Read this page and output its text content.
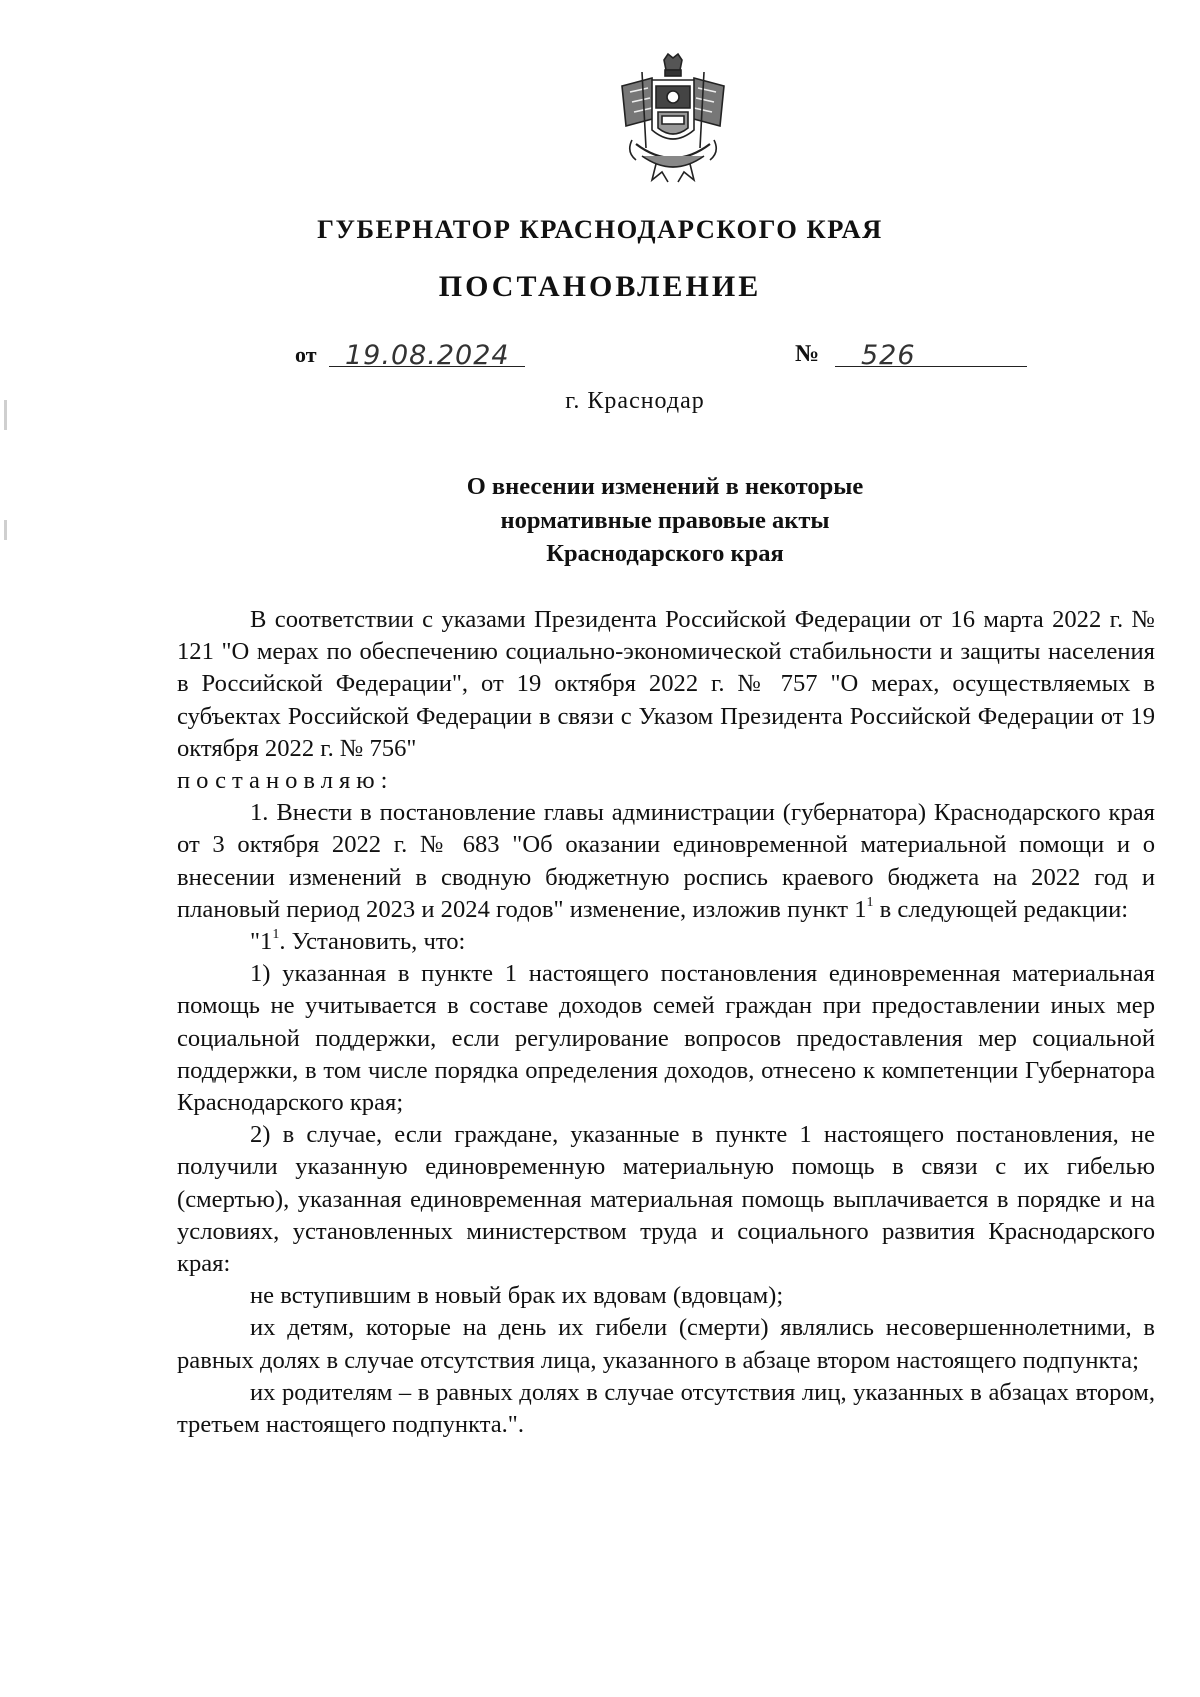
ГУБЕРНАТОР КРАСНОДАРСКОГО КРАЯ
ПОСТАНОВЛЕНИЕ
от 19.08.2024	№ 526
г. Краснодар
О внесении изменений в некоторые
нормативные правовые акты
Краснодарского края

В соответствии с указами Президента Российской Федерации от 16 марта 2022 г. № 121 "О мерах по обеспечению социально-экономической стабильности и защиты населения в Российской Федерации", от 19 октября 2022 г. № 757 "О мерах, осуществляемых в субъектах Российской Федерации в связи с Указом Президента Российской Федерации от 19 октября 2022 г. № 756"

постановляю:

1. Внести в постановление главы администрации (губернатора) Краснодарского края от 3 октября 2022 г. № 683 "Об оказании единовременной материальной помощи и о внесении изменений в сводную бюджетную роспись краевого бюджета на 2022 год и плановый период 2023 и 2024 годов" изменение, изложив пункт $1^1$ в следующей редакции:

"$1^1$. Установить, что:

1) указанная в пункте 1 настоящего постановления единовременная материальная помощь не учитывается в составе доходов семей граждан при предоставлении иных мер социальной поддержки, если регулирование вопросов предоставления мер социальной поддержки, в том числе порядка определения доходов, отнесено к компетенции Губернатора Краснодарского края;

2) в случае, если граждане, указанные в пункте 1 настоящего постановления, не получили указанную единовременную материальную помощь в связи с их гибелью (смертью), указанная единовременная материальная помощь выплачивается в порядке и на условиях, установленных министерством труда и социального развития Краснодарского края:

не вступившим в новый брак их вдовам (вдовцам);

их детям, которые на день их гибели (смерти) являлись несовершеннолетними, в равных долях в случае отсутствия лица, указанного в абзаце втором настоящего подпункта;

их родителям – в равных долях в случае отсутствия лиц, указанных в абзацах втором, третьем настоящего подпункта.".
